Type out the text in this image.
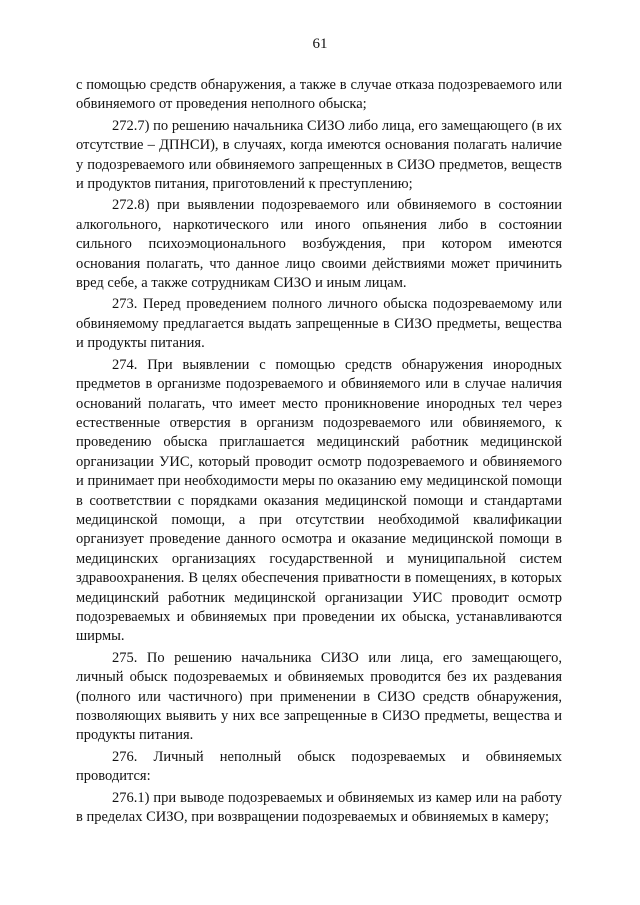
61

с помощью средств обнаружения, а также в случае отказа подозреваемого или обвиняемого от проведения неполного обыска;

272.7) по решению начальника СИЗО либо лица, его замещающего (в их отсутствие – ДПНСИ), в случаях, когда имеются основания полагать наличие у подозреваемого или обвиняемого запрещенных в СИЗО предметов, веществ и продуктов питания, приготовлений к преступлению;

272.8) при выявлении подозреваемого или обвиняемого в состоянии алкогольного, наркотического или иного опьянения либо в состоянии сильного психоэмоционального возбуждения, при котором имеются основания полагать, что данное лицо своими действиями может причинить вред себе, а также сотрудникам СИЗО и иным лицам.

273. Перед проведением полного личного обыска подозреваемому или обвиняемому предлагается выдать запрещенные в СИЗО предметы, вещества и продукты питания.

274. При выявлении с помощью средств обнаружения инородных предметов в организме подозреваемого и обвиняемого или в случае наличия оснований полагать, что имеет место проникновение инородных тел через естественные отверстия в организм подозреваемого или обвиняемого, к проведению обыска приглашается медицинский работник медицинской организации УИС, который проводит осмотр подозреваемого и обвиняемого и принимает при необходимости меры по оказанию ему медицинской помощи в соответствии с порядками оказания медицинской помощи и стандартами медицинской помощи, а при отсутствии необходимой квалификации организует проведение данного осмотра и оказание медицинской помощи в медицинских организациях государственной и муниципальной систем здравоохранения. В целях обеспечения приватности в помещениях, в которых медицинский работник медицинской организации УИС проводит осмотр подозреваемых и обвиняемых при проведении их обыска, устанавливаются ширмы.

275. По решению начальника СИЗО или лица, его замещающего, личный обыск подозреваемых и обвиняемых проводится без их раздевания (полного или частичного) при применении в СИЗО средств обнаружения, позволяющих выявить у них все запрещенные в СИЗО предметы, вещества и продукты питания.

276. Личный неполный обыск подозреваемых и обвиняемых проводится:

276.1) при выводе подозреваемых и обвиняемых из камер или на работу в пределах СИЗО, при возвращении подозреваемых и обвиняемых в камеру;
